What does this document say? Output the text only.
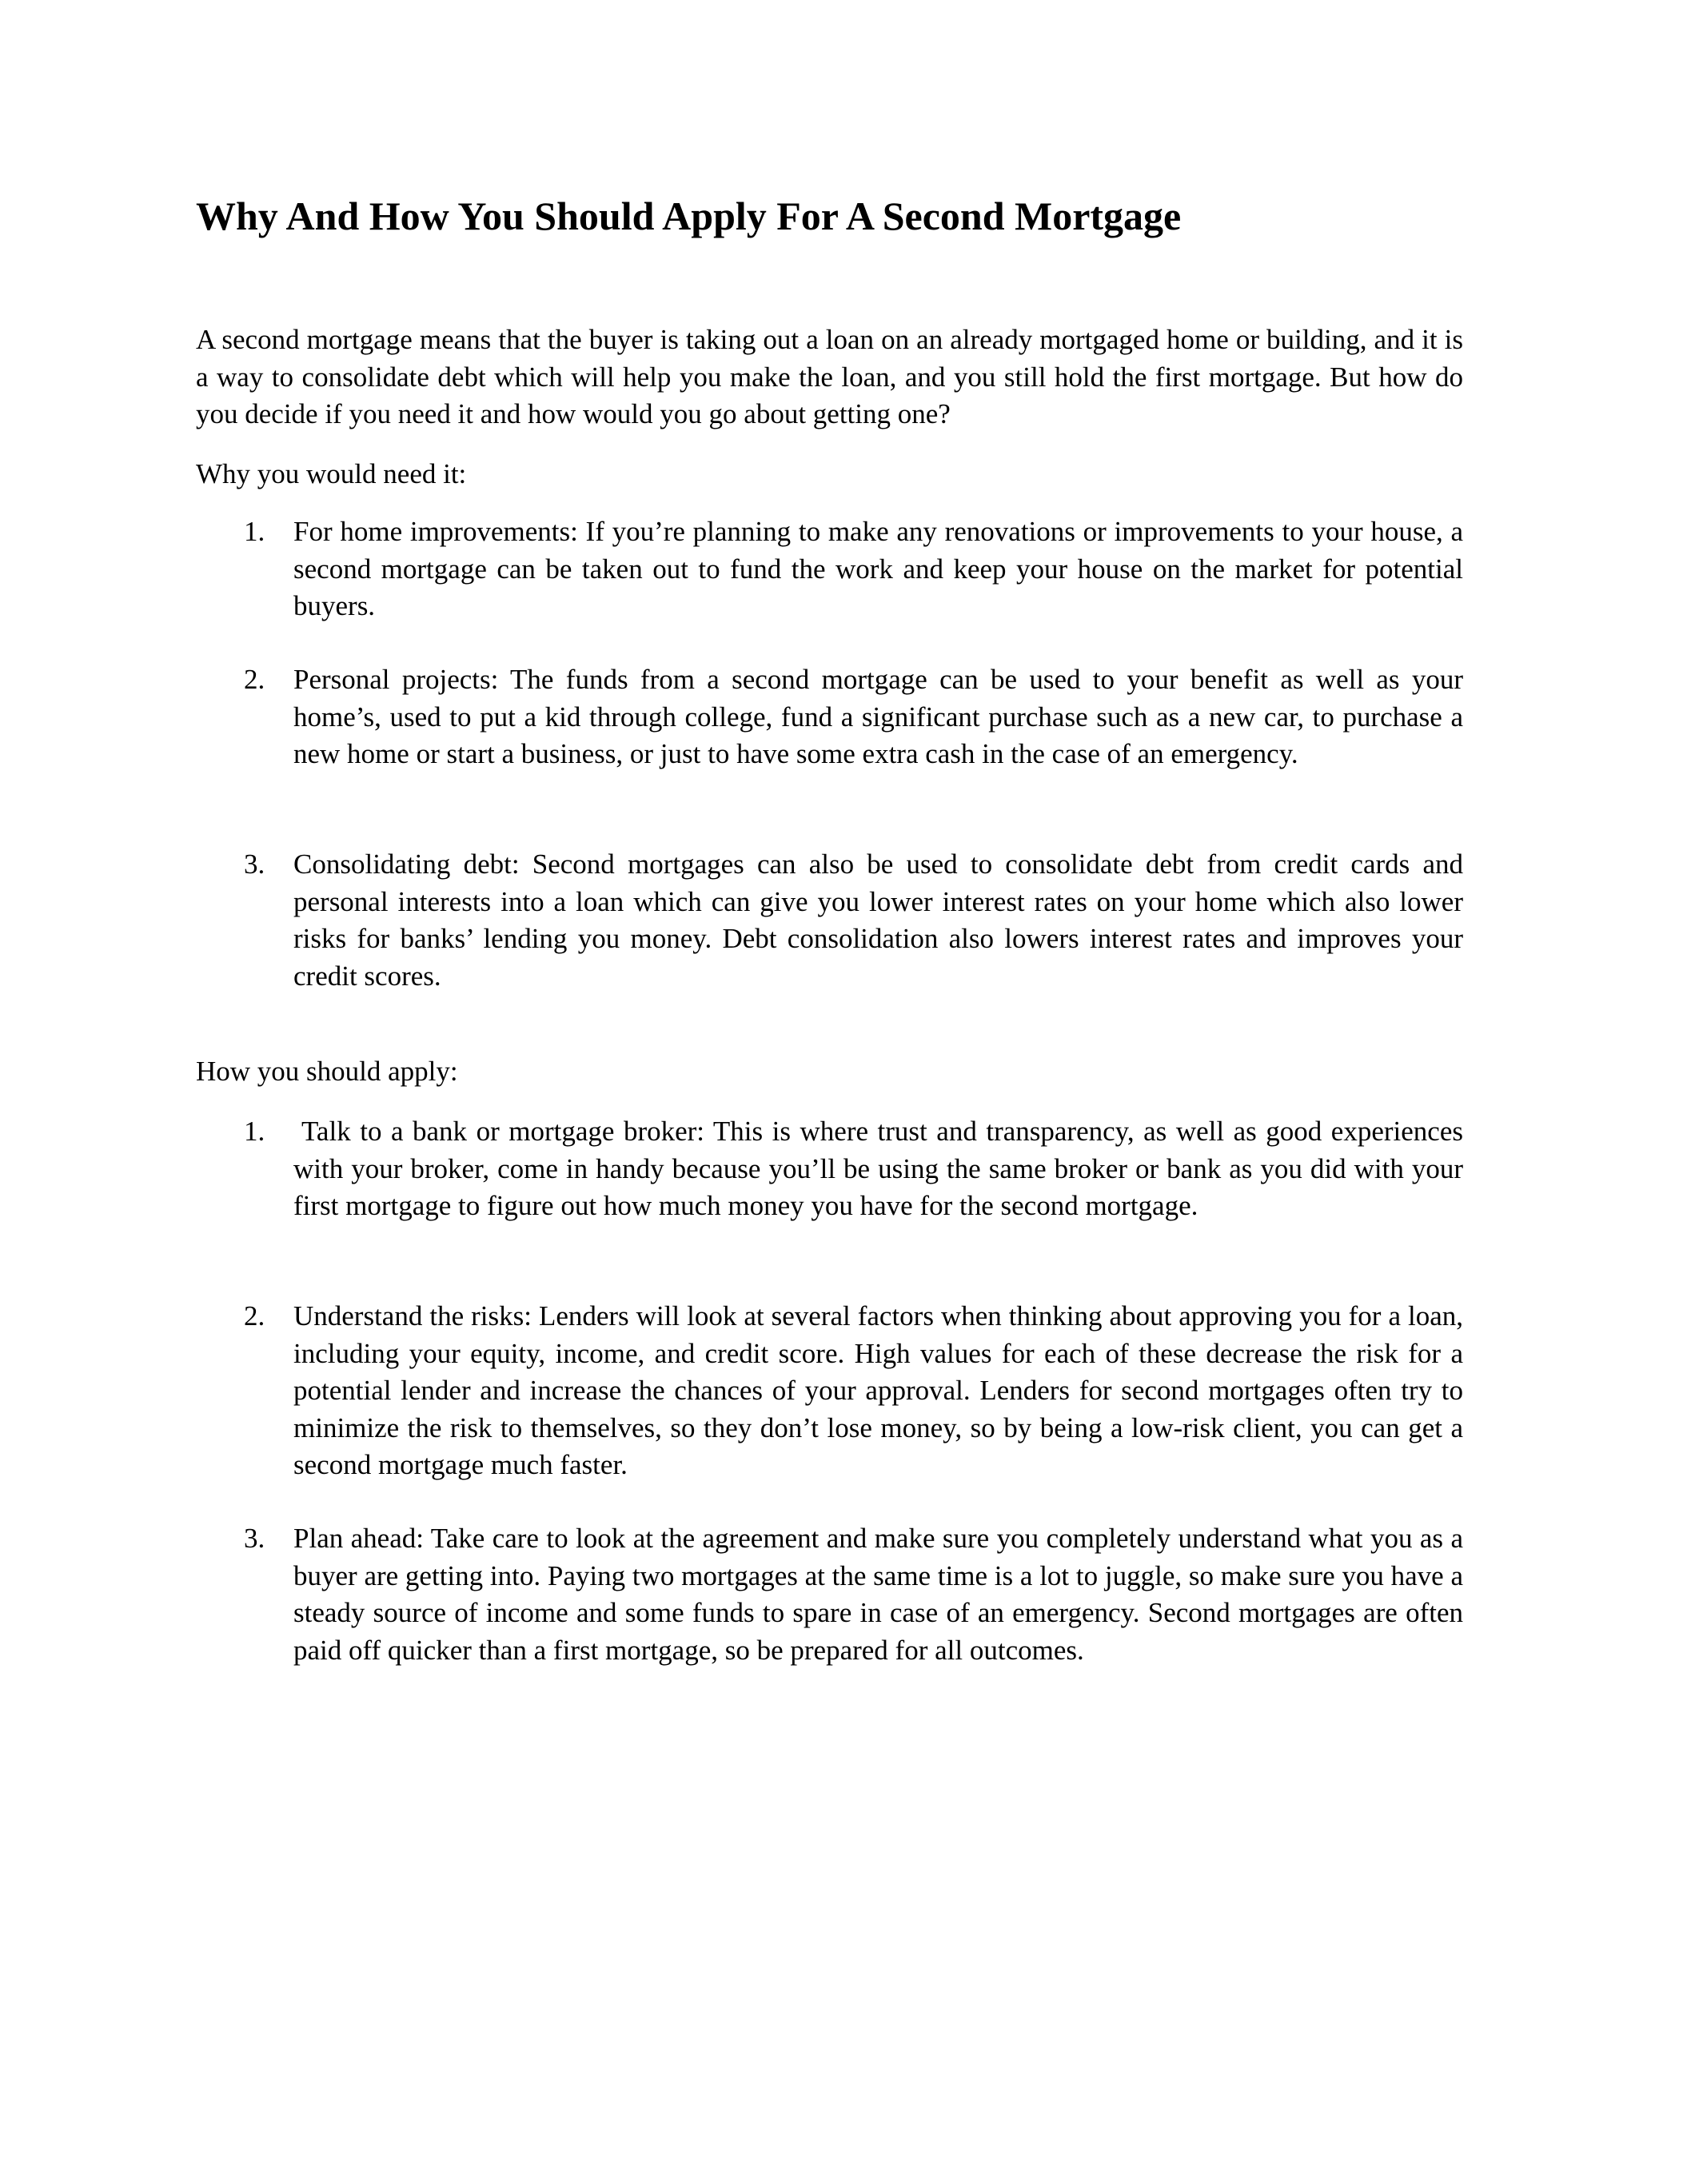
Why And How You Should Apply For A Second Mortgage

A second mortgage means that the buyer is taking out a loan on an already mortgaged home or building, and it is a way to consolidate debt which will help you make the loan, and you still hold the first mortgage. But how do you decide if you need it and how would you go about getting one?

Why you would need it:

1.	For home improvements: If you’re planning to make any renovations or improvements to your house, a second mortgage can be taken out to fund the work and keep your house on the market for potential buyers.
2.	Personal projects: The funds from a second mortgage can be used to your benefit as well as your home’s, used to put a kid through college, fund a significant purchase such as a new car, to purchase a new home or start a business, or just to have some extra cash in the case of an emergency.
3.	Consolidating debt: Second mortgages can also be used to consolidate debt from credit cards and personal interests into a loan which can give you lower interest rates on your home which also lower risks for banks’ lending you money. Debt consolidation also lowers interest rates and improves your credit scores.

How you should apply:

1.	Talk to a bank or mortgage broker: This is where trust and transparency, as well as good experiences with your broker, come in handy because you’ll be using the same broker or bank as you did with your first mortgage to figure out how much money you have for the second mortgage.
2.	Understand the risks: Lenders will look at several factors when thinking about approving you for a loan, including your equity, income, and credit score. High values for each of these decrease the risk for a potential lender and increase the chances of your approval. Lenders for second mortgages often try to minimize the risk to themselves, so they don’t lose money, so by being a low-risk client, you can get a second mortgage much faster.
3.	Plan ahead: Take care to look at the agreement and make sure you completely understand what you as a buyer are getting into. Paying two mortgages at the same time is a lot to juggle, so make sure you have a steady source of income and some funds to spare in case of an emergency. Second mortgages are often paid off quicker than a first mortgage, so be prepared for all outcomes.
